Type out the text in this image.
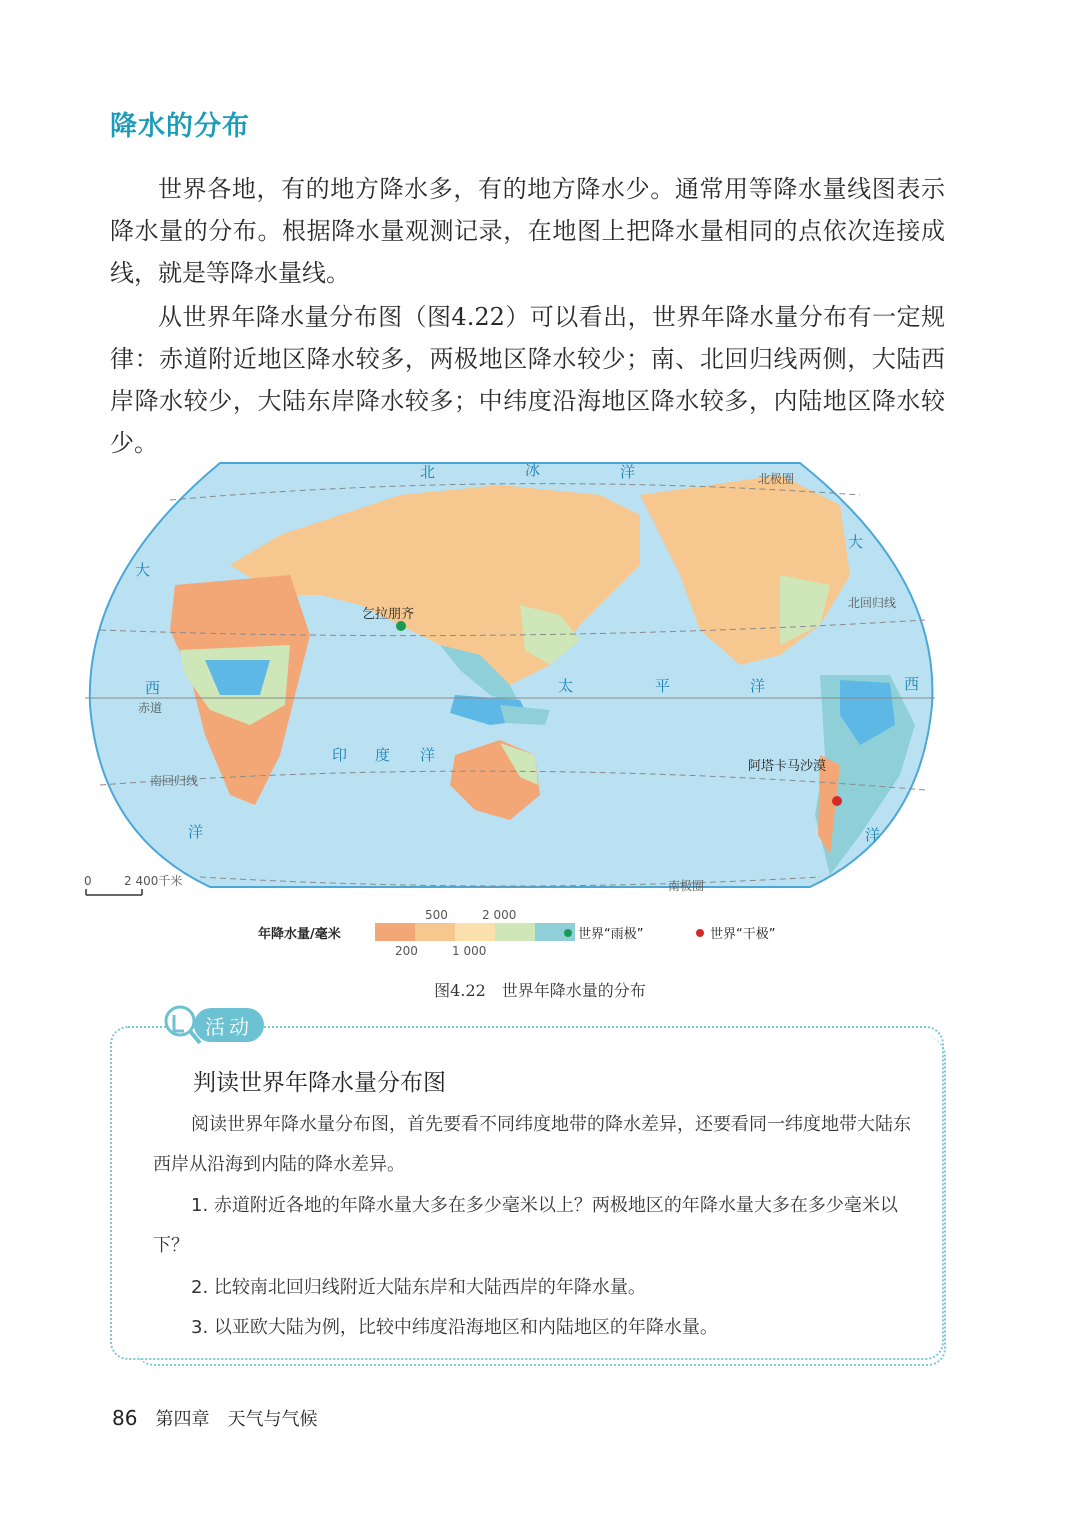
降水的分布

世界各地，有的地方降水多，有的地方降水少。通常用等降水量线图表示降水量的分布。根据降水量观测记录，在地图上把降水量相同的点依次连接成线，就是等降水量线。

从世界年降水量分布图（图4.22）可以看出，世界年降水量分布有一定规律：赤道附近地区降水较多，两极地区降水较少；南、北回归线两侧，大陆西岸降水较少，大陆东岸降水较多；中纬度沿海地区降水较多，内陆地区降水较少。

北	冰	洋
太	平	洋
印 度 洋
大
西
洋
大
西
洋
北极圈
北回归线
赤道
南回归线
南极圈
乞拉朋齐
阿塔卡马沙漠
0	2 400千米
年降水量/毫米
500	2 000
200	1 000
世界“雨极”	世界“干极”
图4.22　世界年降水量的分布
活动
判读世界年降水量分布图

阅读世界年降水量分布图，首先要看不同纬度地带的降水差异，还要看同一纬度地带大陆东西岸从沿海到内陆的降水差异。

1. 赤道附近各地的年降水量大多在多少毫米以上？两极地区的年降水量大多在多少毫米以下？

2. 比较南北回归线附近大陆东岸和大陆西岸的年降水量。

3. 以亚欧大陆为例，比较中纬度沿海地区和内陆地区的年降水量。

86 第四章　天气与气候
